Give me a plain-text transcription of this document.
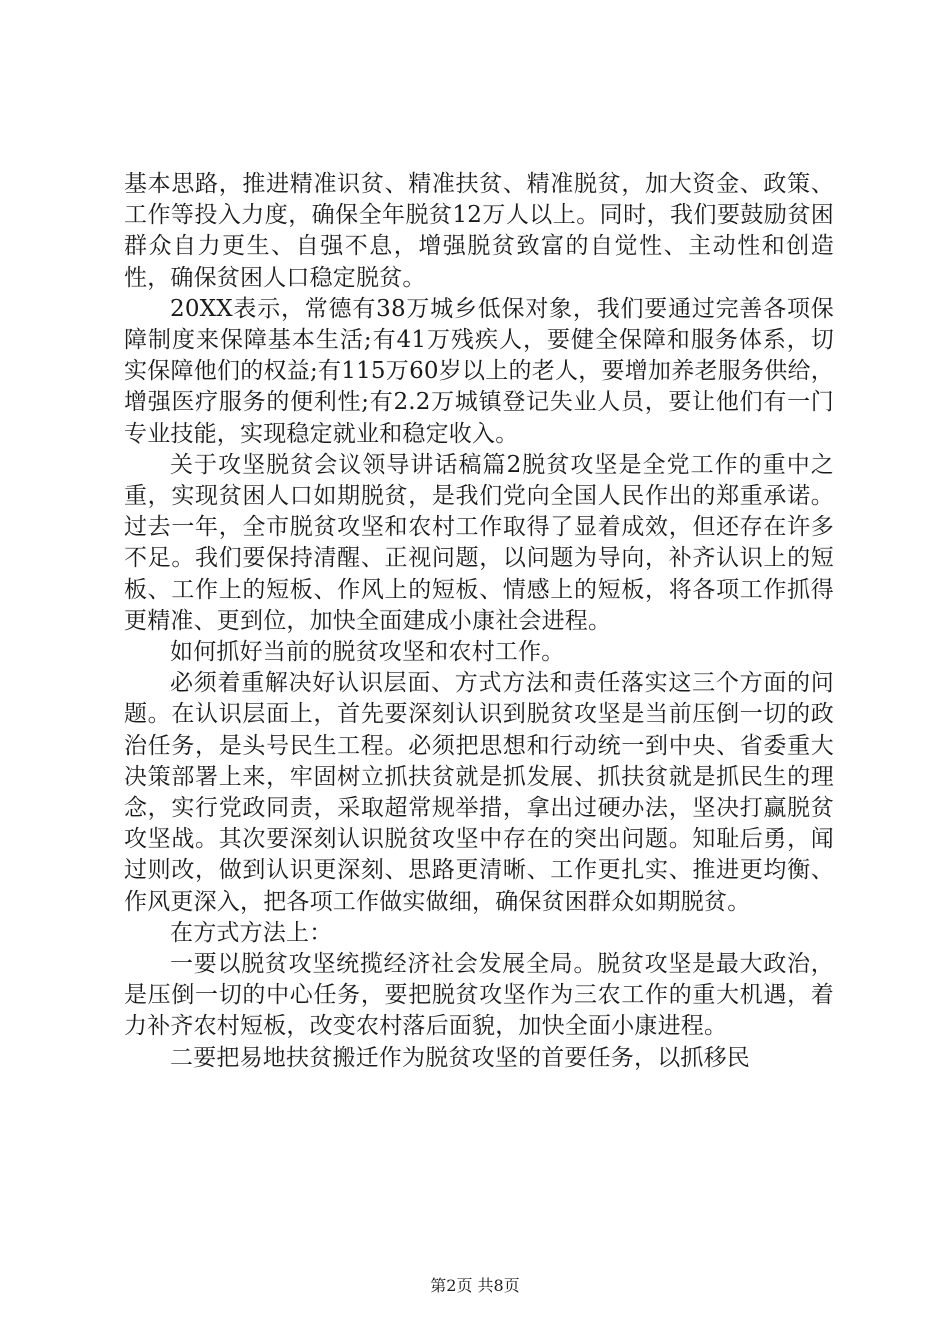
基本思路，推进精准识贫、精准扶贫、精准脱贫，加大资金、政策、工作等投入力度，确保全年脱贫12万人以上。同时，我们要鼓励贫困群众自力更生、自强不息，增强脱贫致富的自觉性、主动性和创造性，确保贫困人口稳定脱贫。

20XX表示，常德有38万城乡低保对象，我们要通过完善各项保障制度来保障基本生活;有41万残疾人，要健全保障和服务体系，切实保障他们的权益;有115万60岁以上的老人，要增加养老服务供给，增强医疗服务的便利性;有2.2万城镇登记失业人员，要让他们有一门专业技能，实现稳定就业和稳定收入。

关于攻坚脱贫会议领导讲话稿篇2脱贫攻坚是全党工作的重中之重，实现贫困人口如期脱贫，是我们党向全国人民作出的郑重承诺。过去一年，全市脱贫攻坚和农村工作取得了显着成效，但还存在许多不足。我们要保持清醒、正视问题，以问题为导向，补齐认识上的短板、工作上的短板、作风上的短板、情感上的短板，将各项工作抓得更精准、更到位，加快全面建成小康社会进程。

如何抓好当前的脱贫攻坚和农村工作。

必须着重解决好认识层面、方式方法和责任落实这三个方面的问题。在认识层面上，首先要深刻认识到脱贫攻坚是当前压倒一切的政治任务，是头号民生工程。必须把思想和行动统一到中央、省委重大决策部署上来，牢固树立抓扶贫就是抓发展、抓扶贫就是抓民生的理念，实行党政同责，采取超常规举措，拿出过硬办法，坚决打赢脱贫攻坚战。其次要深刻认识脱贫攻坚中存在的突出问题。知耻后勇，闻过则改，做到认识更深刻、思路更清晰、工作更扎实、推进更均衡、作风更深入，把各项工作做实做细，确保贫困群众如期脱贫。

在方式方法上：

一要以脱贫攻坚统揽经济社会发展全局。脱贫攻坚是最大政治，是压倒一切的中心任务，要把脱贫攻坚作为三农工作的重大机遇，着力补齐农村短板，改变农村落后面貌，加快全面小康进程。

二要把易地扶贫搬迁作为脱贫攻坚的首要任务，以抓移民

第2页 共8页
